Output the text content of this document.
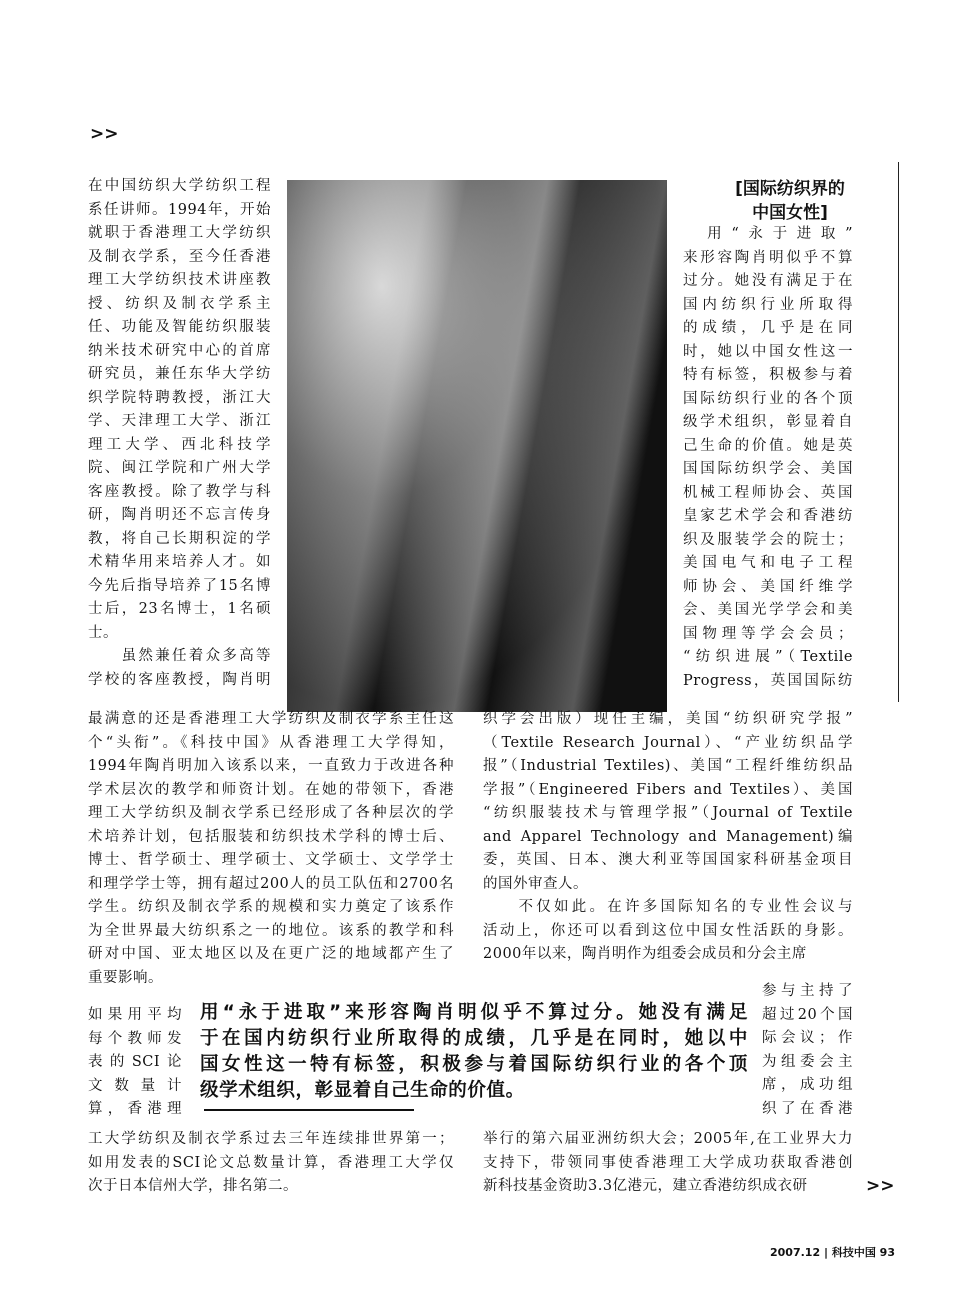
>>
在中国纺织大学纺织工程
系任讲师。1994年，开始
就职于香港理工大学纺织
及制衣学系，至今任香港
理工大学纺织技术讲座教
授、纺织及制衣学系主
任、功能及智能纺织服装
纳米技术研究中心的首席
研究员，兼任东华大学纺
织学院特聘教授，浙江大
学、天津理工大学、浙江
理工大学、西北科技学
院、闽江学院和广州大学
客座教授。除了教学与科
研，陶肖明还不忘言传身
教，将自己长期积淀的学
术精华用来培养人才。如
今先后指导培养了15名博
士后，23名博士，1名硕
士。
　　虽然兼任着众多高等
学校的客座教授，陶肖明
[国际纺织界的
中国女性]
　用“永于进取”
来形容陶肖明似乎不算
过分。她没有满足于在
国内纺织行业所取得
的成绩，几乎是在同
时，她以中国女性这一
特有标签，积极参与着
国际纺织行业的各个顶
级学术组织，彰显着自
己生命的价值。她是英
国国际纺织学会、美国
机械工程师协会、英国
皇家艺术学会和香港纺
织及服装学会的院士；
美国电气和电子工程
师协会、美国纤维学
会、美国光学学会和美
国物理等学会会员；
“纺织进展”（Textile
Progress，英国国际纺
最满意的还是香港理工大学纺织及制衣学系主任这
个“头衔”。《科技中国》从香港理工大学得知，
1994年陶肖明加入该系以来，一直致力于改进各种
学术层次的教学和师资计划。在她的带领下，香港
理工大学纺织及制衣学系已经形成了各种层次的学
术培养计划，包括服装和纺织技术学科的博士后、
博士、哲学硕士、理学硕士、文学硕士、文学学士
和理学学士等，拥有超过200人的员工队伍和2700名
学生。纺织及制衣学系的规模和实力奠定了该系作
为全世界最大纺织系之一的地位。该系的教学和科
研对中国、亚太地区以及在更广泛的地域都产生了
重要影响。
织学会出版）现任主编，美国“纺织研究学报”
（Textile Research Journal）、“产业纺织品学
报”（Industrial Textiles)、美国“工程纤维纺织品
学报”（Engineered Fibers and Textiles）、美国
“纺织服装技术与管理学报”（Journal of Textile
and Apparel Technology and Management)编
委，英国、日本、澳大利亚等国国家科研基金项目
的国外审查人。
　　不仅如此。在许多国际知名的专业性会议与
活动上，你还可以看到这位中国女性活跃的身影。
2000年以来，陶肖明作为组委会成员和分会主席
如果用平均
每个教师发
表的SCI论
文数量计
算，香港理
用“永于进取”来形容陶肖明似乎不算过分。她没有满足
于在国内纺织行业所取得的成绩，几乎是在同时，她以中
国女性这一特有标签，积极参与着国际纺织行业的各个顶
级学术组织，彰显着自己生命的价值。
参与主持了
超过20个国
际会议；作
为组委会主
席，成功组
织了在香港
工大学纺织及制衣学系过去三年连续排世界第一；
如用发表的SCI论文总数量计算，香港理工大学仅
次于日本信州大学，排名第二。
举行的第六届亚洲纺织大会；2005年,在工业界大力
支持下，带领同事使香港理工大学成功获取香港创
新科技基金资助3.3亿港元，建立香港纺织成衣研	>>
2007.12 | 科技中国 93
